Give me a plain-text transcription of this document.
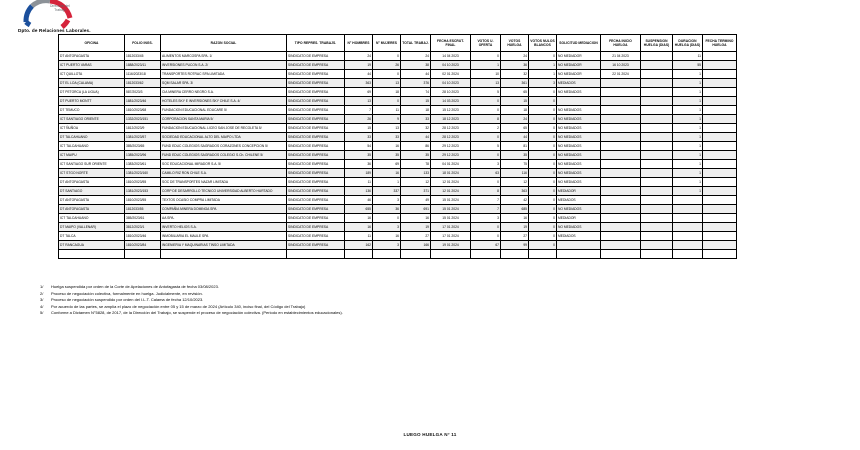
Dirección del
Trabajo
Dpto. de Relaciones Laborales.
OFICINA	FOLIO INGS.	RAZON SOCIAL	TIPO REPRES. TRABAJS.	N° HOMBRES	N° MUJERES	TOTAL TRABAJ.	FECHA ESCRUT. FINAL	VOTOS U. OFERTA	VOTOS HUELGA	VOTOS NULOS BLANCOS	SOLICITUD MEDIACION	FECHA INICIO HUELGA	SUSPENSION HUELGA (DIAS)	DURACION HUELGA (DIAS)	FECHA TERMINO HUELGA
DT ANTOFAGASTA	1812033/45	ALIMENTOS MARCOSPA SPA. 1/	SINDICATO DE EMPRESA	24	0	24	14 04 2023	0	24	0	NO MEDIADOR	21 04 2023		11	
ICT PUERTO VARAS	1888/2023/11	INVERSIONES PUCON S.A. 2/	SINDICATO DE EMPRESA	19	26	38	04 10 2023	1	36	1	NO MEDIADOR	16 10 2023		55	
ICT QUILLOTA	1116/2023/18	TRANSPORTES ROTRAC SPA LIMITADA	SINDICATO DE EMPRESA	44	0	44	02 01 2024	10	32	1	NO MEDIADOR	22 01 2024		1	
DT EL LOA (CALAMA)	1812033/62	SQM SALAR SPA. 3/	SINDICATO DE EMPRESA	363	13	376	04 10 2023	13	361	3	MEDIADOS			1	
DT PETORCA (LA LIGUA)	587/2023/3	CIA MINERA CERRO NEGRO S.A.	SINDICATO DE EMPRESA	69	18	74	28 10 2023	5	65	0	NO MEDIADOS			1	
DT PUERTO MONTT	1881/2023/46	HOTELES SKY E INVERSIONES SKY CHILE S.A. 4/	SINDICATO DE EMPRESA	13	0	15	14 03 2023	0	15	0				1	
DT TEMUCO	1810/2023/68	FUNDACION EDUCACIONAL EDUCARE 5/	SINDICATO DE EMPRESA	7	11	18	15 12 2023	0	18	0	NO MEDIADOS			1	
ICT SANTIAGO ORIENTE	1332/2023/151	CORPORACION SANTA MARIA 5/	SINDICATO DE EMPRESA	26	9	33	18 12 2023	8	24	0	NO MEDIADOS			1	
ICT ÑUÑOA	1812/2023/9	FUNDACION EDUCACIONAL LICEO SAN JOSE DE RECOLETA 5/	SINDICATO DE EMPRESA	15	13	32	28 12 2023	2	65	0	NO MEDIADOS			1	
DT TALCAHUANO	1381/2023/57	SOCIEDAD EDUCACIONAL ALTO DEL MAIPO LTDA	SINDICATO DE EMPRESA	33	33	44	28 12 2023	0	44	0	NO MEDIADOS			1	
ICT TALCAHUANO	385/2023/65	FUND EDUC COLEGIOS SAGRADOS CORAZONES CONCEPCION 5/	SINDICATO DE EMPRESA	54	16	86	29 12 2023	5	81	0	NO MEDIADOS			1	
ICT MAIPU	1385/2023/96	FUND EDUC COLEGIOS SAGRADOS COLEGIO S.Ch. CHILENE 5/	SINDICATO DE EMPRESA	35	35	35	29 12 2023	0	35	0	NO MEDIADOS			1	
ICT SANTIAGO SUR ORIENTE	1383/2023/61	SOC EDUCACIONAL MIRADOR S.A. 5/	SINDICATO DE EMPRESA	36	69	78	04 01 2024	3	75	0	NO MEDIADOS			1	
ICT STGO NORTE	1381/2023/160	CAMILO RIZ RON CHILE S.A.	SINDICATO DE EMPRESA	189	16	133	18 01 2024	63	116	0	NO MEDIADOS			1	
DT ANTOFAGASTA	1810/2023/55	SOC DE TRANSPORTES NAZAR LIMITADA	SINDICATO DE EMPRESA	11	1	12	12 01 2024	0	12	0	NO MEDIADOS			1	
DT SANTIAGO	1381/2023/153	CORP DE DESARROLLO TECNICO UNIVERSIDAD ALBERTO HURTADO	SINDICATO DE EMPRESA	136	337	371	12 01 2024	8	363	0	MEDIADOR			1	
DT ANTOFAGASTA	1810/2023/55	TEXTOS OCASIO COMPRA LIMITADA	SINDICATO DE EMPRESA	46	3	49	15 01 2024	7	42	0	MEDIADOS				
DT ANTOFAGASTA	1812033/55	COMPAÑIA MINERA DOMINGA SPA	SINDICATO DE EMPRESA	655	36	691	15 01 2024	7	685	0	NO MEDIADOS				
ICT TALCAHUANO	385/2023/61	AA SPA.	SINDICATO DE EMPRESA	16	0	16	15 01 2024	3	16	0	MEDIADOR				
DT MAIPO (VALLENAR)	3812/2023/1	INVERTO HELIOS S.A.	SINDICATO DE EMPRESA	16	3	19	17 01 2024	0	19	0	NO MEDIADOS				
DT TALCA	1810/2023/46	INMOBILIARIA EL MAULE SPA	SINDICATO DE EMPRESA	11	16	27	17 01 2024	0	27	0	MEDIADOS				
DT RANCAGUA	1810/2023/84	INGENIERIA Y MAQUINARIAS TINSO LIMITADA	SINDICATO DE EMPRESA	162	3	166	19 01 2024	67	99	0					

1/ Huelga suspendida por orden de la Corte de Apelaciones de Antofagasta de fecha 03/08/2023.
2/ Proceso de negociación colectiva, formalmente en huelga. Judicialmente, en revisión.
3/ Proceso de negociación suspendido por orden del I.L.T. Calama de fecha 12/10/2023.
4/ Por acuerdo de las partes, se amplía el plazo de negociación entre 05 y 15 de marzo de 2024 (Artículo 340, inciso final, del Código del Trabajo)
5/ Conforme a Dictamen N°5828, de 2017, de la Dirección del Trabajo, se suspende el proceso de negociación colectiva. (Periodo en establecimientos educacionales).
LUEGO HUELGA N° 11
